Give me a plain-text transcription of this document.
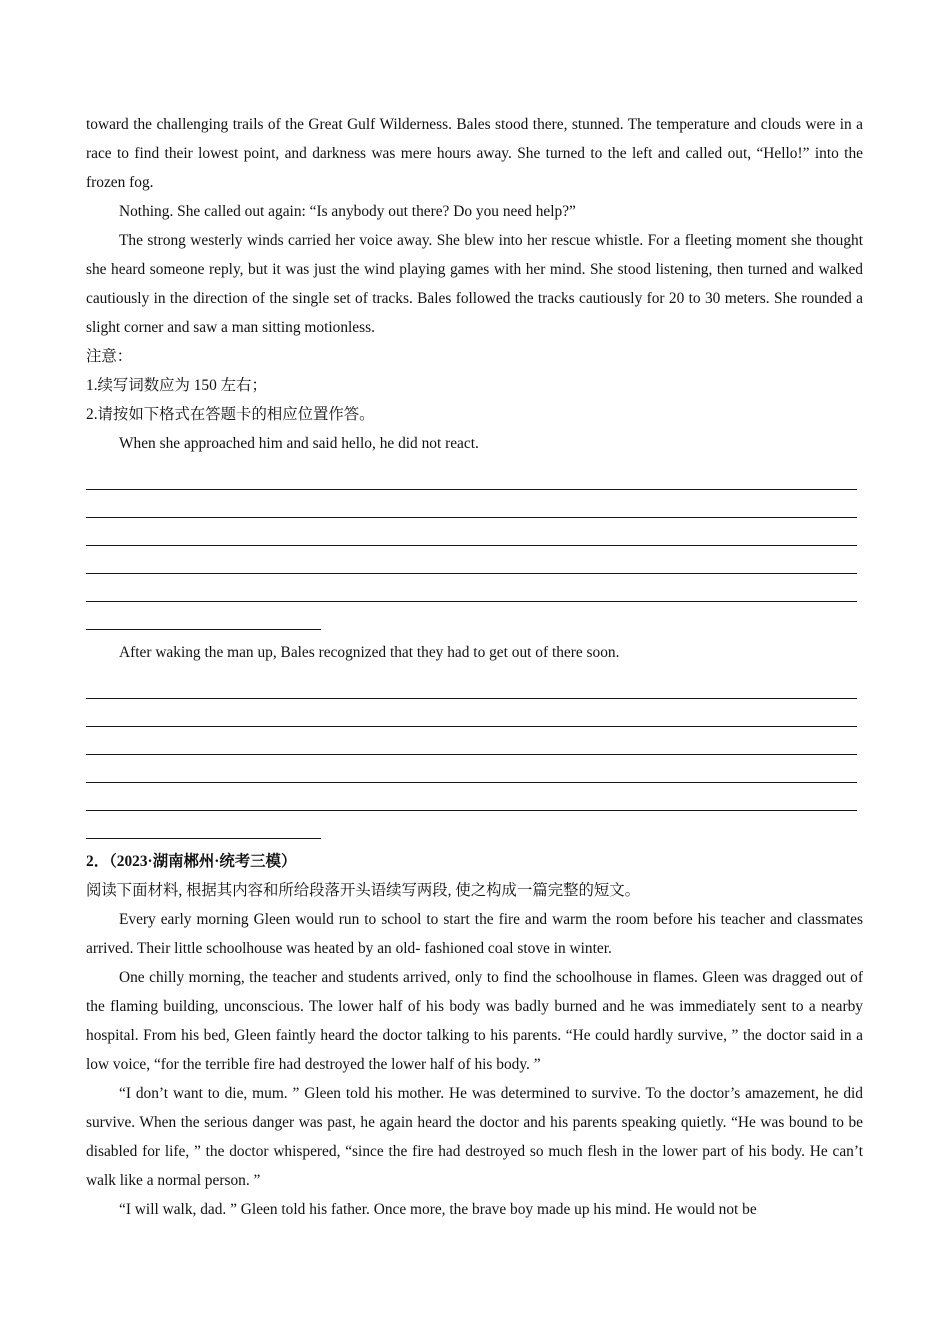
toward the challenging trails of the Great Gulf Wilderness. Bales stood there, stunned. The temperature and clouds were in a race to find their lowest point, and darkness was mere hours away. She turned to the left and called out, “Hello!” into the frozen fog.

Nothing. She called out again: “Is anybody out there? Do you need help?”

The strong westerly winds carried her voice away. She blew into her rescue whistle. For a fleeting moment she thought she heard someone reply, but it was just the wind playing games with her mind. She stood listening, then turned and walked cautiously in the direction of the single set of tracks. Bales followed the tracks cautiously for 20 to 30 meters. She rounded a slight corner and saw a man sitting motionless.

注意：

1.续写词数应为 150 左右；

2.请按如下格式在答题卡的相应位置作答。

When she approached him and said hello, he did not react.

After waking the man up, Bales recognized that they had to get out of there soon.

2．（2023·湖南郴州·统考三模）

阅读下面材料, 根据其内容和所给段落开头语续写两段, 使之构成一篇完整的短文。

Every early morning Gleen would run to school to start the fire and warm the room before his teacher and classmates arrived. Their little schoolhouse was heated by an old- fashioned coal stove in winter.

One chilly morning, the teacher and students arrived, only to find the schoolhouse in flames. Gleen was dragged out of the flaming building, unconscious. The lower half of his body was badly burned and he was immediately sent to a nearby hospital. From his bed, Gleen faintly heard the doctor talking to his parents. “He could hardly survive, ” the doctor said in a low voice, “for the terrible fire had destroyed the lower half of his body. ”

“I don’t want to die, mum. ” Gleen told his mother. He was determined to survive. To the doctor’s amazement, he did survive. When the serious danger was past, he again heard the doctor and his parents speaking quietly. “He was bound to be disabled for life, ” the doctor whispered, “since the fire had destroyed so much flesh in the lower part of his body. He can’t walk like a normal person. ”

“I will walk, dad. ” Gleen told his father. Once more, the brave boy made up his mind. He would not be
